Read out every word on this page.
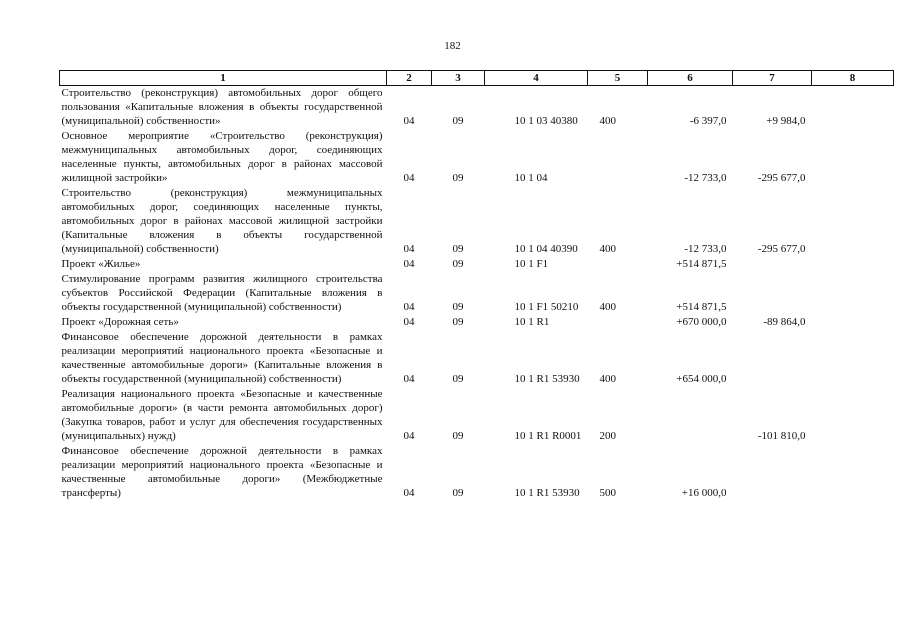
182
1	2	3	4	5	6	7	8

Строительство (реконструкция) автомобильных дорог общего пользования «Капитальные вложения в объекты государственной (муниципальной) собственности»	04	09	10 1 03 40380	400	-6 397,0	+9 984,0	

Основное мероприятие «Строительство (реконструкция) межмуниципальных автомобильных дорог, соединяющих населенные пункты, автомобильных дорог в районах массовой жилищной застройки»	04	09	10 1 04		-12 733,0	-295 677,0	

Строительство (реконструкция) межмуниципальных автомобильных дорог, соединяющих населенные пункты, автомобильных дорог в районах массовой жилищной застройки (Капитальные вложения в объекты государственной (муниципальной) собственности)	04	09	10 1 04 40390	400	-12 733,0	-295 677,0	

Проект «Жилье»	04	09	10 1 F1		+514 871,5		

Стимулирование программ развития жилищного строительства субъектов Российской Федерации (Капитальные вложения в объекты государственной (муниципальной) собственности)	04	09	10 1 F1 50210	400	+514 871,5		

Проект «Дорожная сеть»	04	09	10 1 R1		+670 000,0	-89 864,0	

Финансовое обеспечение дорожной деятельности в рамках реализации мероприятий национального проекта «Безопасные и качественные автомобильные дороги» (Капитальные вложения в объекты государственной (муниципальной) собственности)	04	09	10 1 R1 53930	400	+654 000,0		

Реализация национального проекта «Безопасные и качественные автомобильные дороги» (в части ремонта автомобильных дорог) (Закупка товаров, работ и услуг для обеспечения государственных (муниципальных) нужд)	04	09	10 1 R1 R0001	200		-101 810,0	

Финансовое обеспечение дорожной деятельности в рамках реализации мероприятий национального проекта «Безопасные и качественные автомобильные дороги» (Межбюджетные трансферты)	04	09	10 1 R1 53930	500	+16 000,0		
